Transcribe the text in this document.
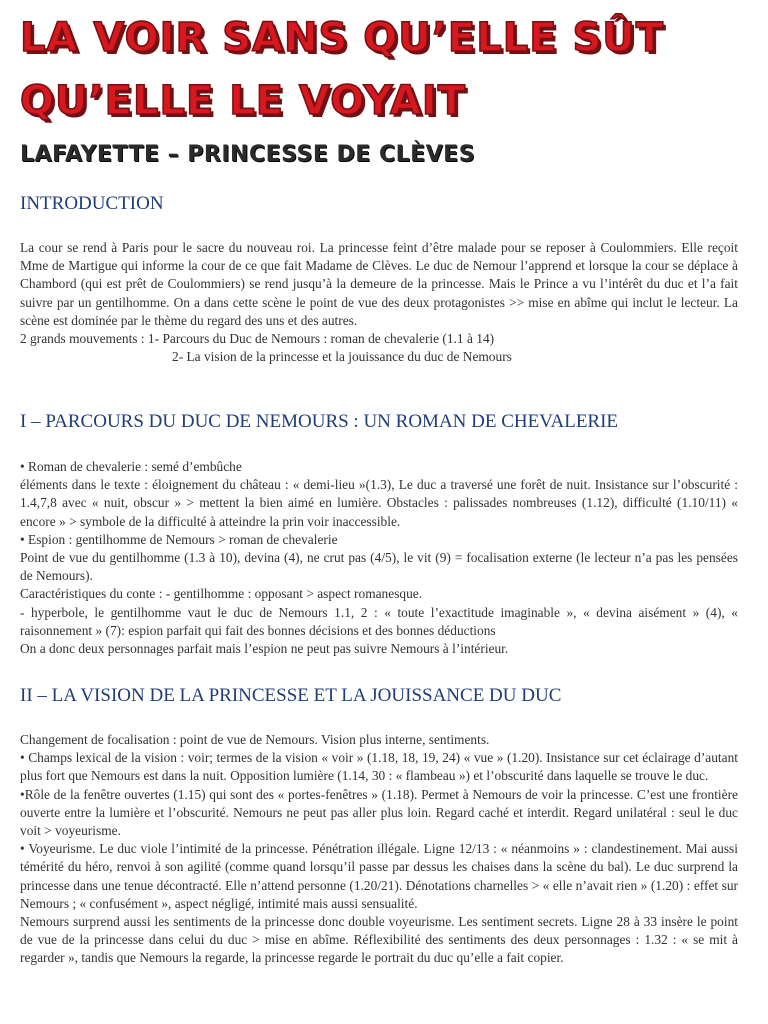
LA VOIR SANS QU’ELLE SÛT
QU’ELLE LE VOYAIT
LAFAYETTE – PRINCESSE DE CLÈVES
INTRODUCTION

La cour se rend à Paris pour le sacre du nouveau roi. La princesse feint d’être malade pour se reposer à Coulommiers. Elle reçoit Mme de Martigue qui informe la cour de ce que fait Madame de Clèves. Le duc de Nemour l’apprend et lorsque la cour se déplace à Chambord (qui est prêt de Coulommiers) se rend jusqu’à la demeure de la princesse. Mais le Prince a vu l’intérêt du duc et l’a fait suivre par un gentilhomme. On a dans cette scène le point de vue des deux protagonistes >> mise en abîme qui inclut le lecteur. La scène est dominée par le thème du regard des uns et des autres.

2 grands mouvements : 1- Parcours du Duc de Nemours : roman de chevalerie (1.1 à 14)

2- La vision de la princesse et la jouissance du duc de Nemours

I – PARCOURS DU DUC DE NEMOURS : UN ROMAN DE CHEVALERIE

• Roman de chevalerie : semé d’embûche

éléments dans le texte : éloignement du château : « demi-lieu »(1.3), Le duc a traversé une forêt de nuit. Insistance sur l’obscurité : 1.4,7,8 avec « nuit, obscur » > mettent la bien aimé en lumière. Obstacles : palissades nombreuses (1.12), difficulté (1.10/11) « encore » > symbole de la difficulté à atteindre la prin voir inaccessible.

• Espion : gentilhomme de Nemours > roman de chevalerie

Point de vue du gentilhomme (1.3 à 10), devina (4), ne crut pas (4/5), le vit (9) = focalisation externe (le lecteur n’a pas les pensées de Nemours).

Caractéristiques du conte : - gentilhomme : opposant > aspect romanesque.

- hyperbole, le gentilhomme vaut le duc de Nemours 1.1, 2 : « toute l’exactitude imaginable », « devina aisément » (4), « raisonnement » (7): espion parfait qui fait des bonnes décisions et des bonnes déductions

On a donc deux personnages parfait mais l’espion ne peut pas suivre Nemours à l’intérieur.

II – LA VISION DE LA PRINCESSE ET LA JOUISSANCE DU DUC

Changement de focalisation : point de vue de Nemours. Vision plus interne, sentiments.

• Champs lexical de la vision : voir; termes de la vision « voir » (1.18, 18, 19, 24) « vue » (1.20). Insistance sur cet éclairage d’autant plus fort que Nemours est dans la nuit. Opposition lumière (1.14, 30 : « flambeau ») et l’obscurité dans laquelle se trouve le duc.

•Rôle de la fenêtre ouvertes (1.15) qui sont des « portes-fenêtres » (1.18). Permet à Nemours de voir la princesse. C’est une frontière ouverte entre la lumière et l’obscurité. Nemours ne peut pas aller plus loin. Regard caché et interdit. Regard unilatéral : seul le duc voit > voyeurisme.

• Voyeurisme. Le duc viole l’intimité de la princesse. Pénétration illégale. Ligne 12/13 : « néanmoins » : clandestinement. Mai aussi témérité du héro, renvoi à son agilité (comme quand lorsqu’il passe par dessus les chaises dans la scène du bal). Le duc surprend la princesse dans une tenue décontracté. Elle n’attend personne (1.20/21). Dénotations charnelles > « elle n’avait rien » (1.20) : effet sur Nemours ; « confusément », aspect négligé, intimité mais aussi sensualité.

Nemours surprend aussi les sentiments de la princesse donc double voyeurisme. Les sentiment secrets. Ligne 28 à 33 insère le point de vue de la princesse dans celui du duc > mise en abîme. Réflexibilité des sentiments des deux personnages : 1.32 : « se mit à regarder », tandis que Nemours la regarde, la princesse regarde le portrait du duc qu’elle a fait copier.
